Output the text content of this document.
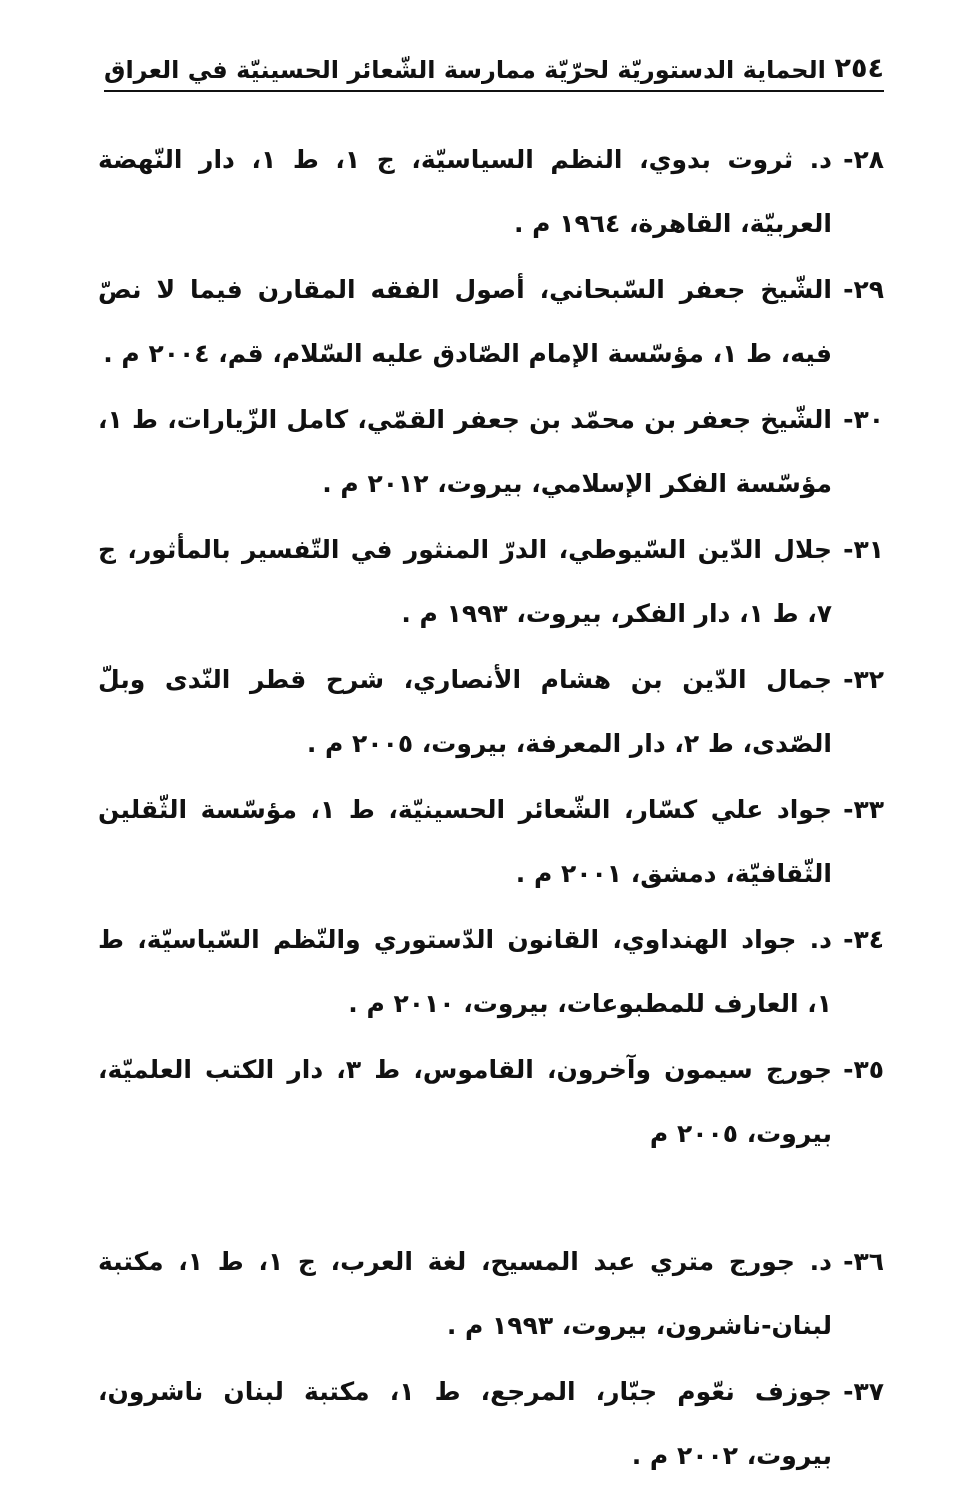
٢٥٤
الحماية الدستوريّة لحرّيّة ممارسة الشّعائر الحسينيّة في العراق
٢٨-
د. ثروت بدوي، النظم السياسيّة، ج ١، ط ١، دار النّهضة العربيّة، القاهرة، ١٩٦٤ م .
٢٩-
الشّيخ جعفر السّبحاني، أصول الفقه المقارن فيما لا نصّ فيه، ط ١، مؤسّسة الإمام الصّادق عليه السّلام، قم، ٢٠٠٤ م .
٣٠-
الشّيخ جعفر بن محمّد بن جعفر القمّي، كامل الزّيارات، ط ١، مؤسّسة الفكر الإسلامي، بيروت، ٢٠١٢ م .
٣١-
جلال الدّين السّيوطي، الدرّ المنثور في التّفسير بالمأثور، ج ٧، ط ١، دار الفكر، بيروت، ١٩٩٣ م .
٣٢-
جمال الدّين بن هشام الأنصاري، شرح قطر النّدى وبلّ الصّدى، ط ٢، دار المعرفة، بيروت، ٢٠٠٥ م .
٣٣-
جواد علي كسّار، الشّعائر الحسينيّة، ط ١، مؤسّسة الثّقلين الثّقافيّة، دمشق، ٢٠٠١ م .
٣٤-
د. جواد الهنداوي، القانون الدّستوري والنّظم السّياسيّة، ط ١، العارف للمطبوعات، بيروت، ٢٠١٠ م .
٣٥-
جورج سيمون وآخرون، القاموس، ط ٣، دار الكتب العلميّة، بيروت، ٢٠٠٥ م
٣٦-
د. جورج متري عبد المسيح، لغة العرب، ج ١، ط ١، مكتبة لبنان-ناشرون، بيروت، ١٩٩٣ م .
٣٧-
جوزف نعّوم جبّار، المرجع، ط ١، مكتبة لبنان ناشرون، بيروت، ٢٠٠٢ م .
